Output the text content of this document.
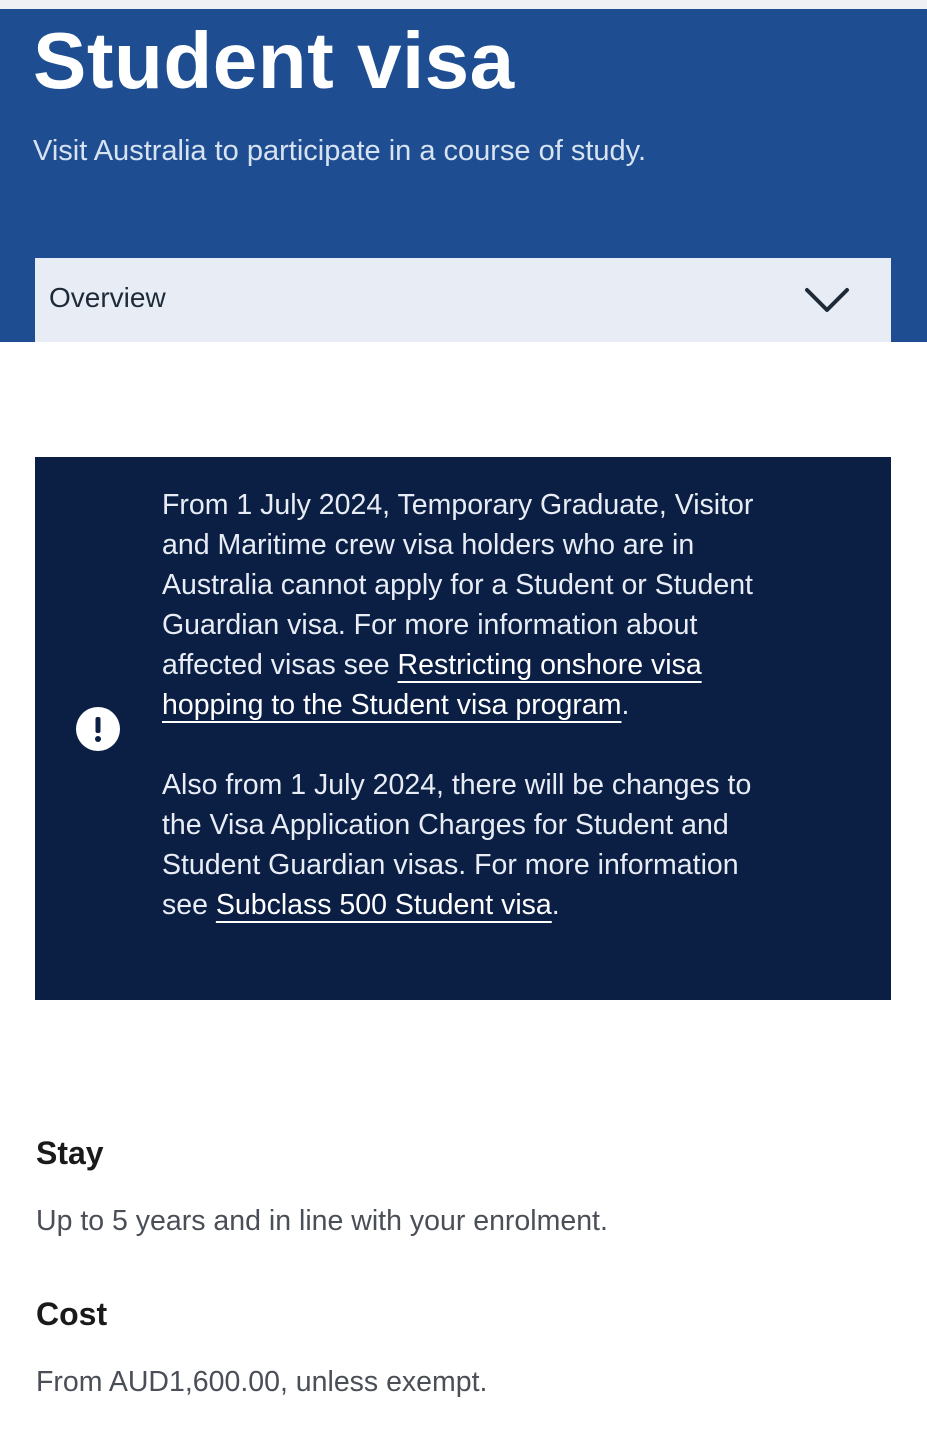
Student visa

Visit Australia to participate in a course of study.

Overview

From 1 July 2024, Temporary Graduate, Visitor and Maritime crew visa holders who are in Australia cannot apply for a Student or Student Guardian visa. For more information about affected visas see Restricting onshore visa hopping to the Student visa program.

Also from 1 July 2024, there will be changes to the Visa Application Charges for Student and Student Guardian visas. For more information see Subclass 500 Student visa.

Stay

Up to 5 years and in line with your enrolment.

Cost

From AUD1,600.00, unless exempt.
